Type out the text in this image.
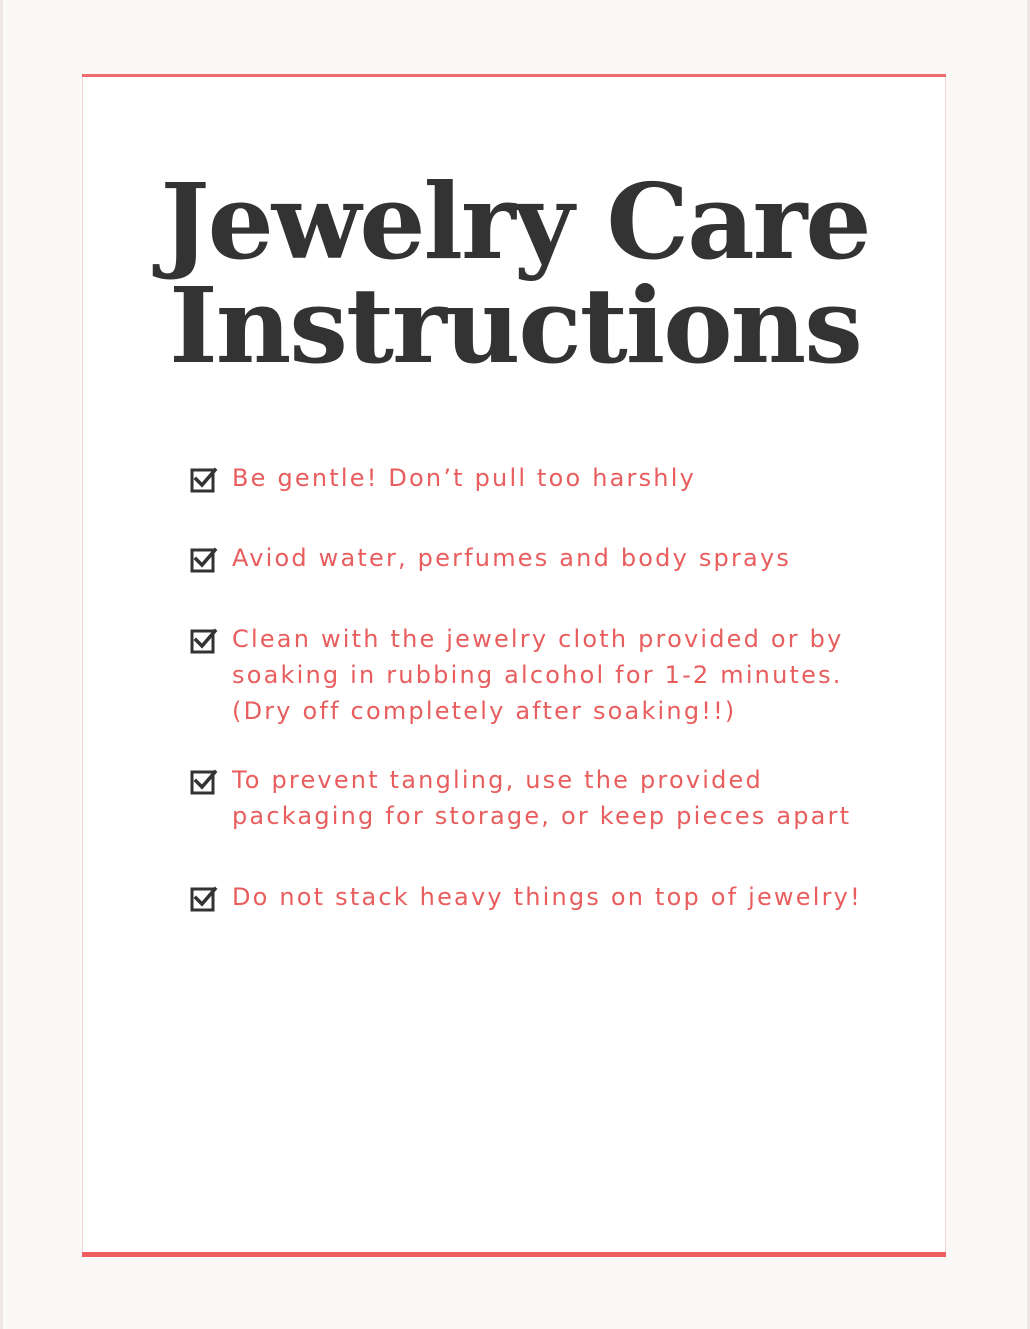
Jewelry Care
Instructions
Be gentle! Don’t pull too harshly
Aviod water, perfumes and body sprays
Clean with the jewelry cloth provided or by
soaking in rubbing alcohol for 1-2 minutes.
(Dry off completely after soaking!!)
To prevent tangling, use the provided
packaging for storage, or keep pieces apart
Do not stack heavy things on top of jewelry!
